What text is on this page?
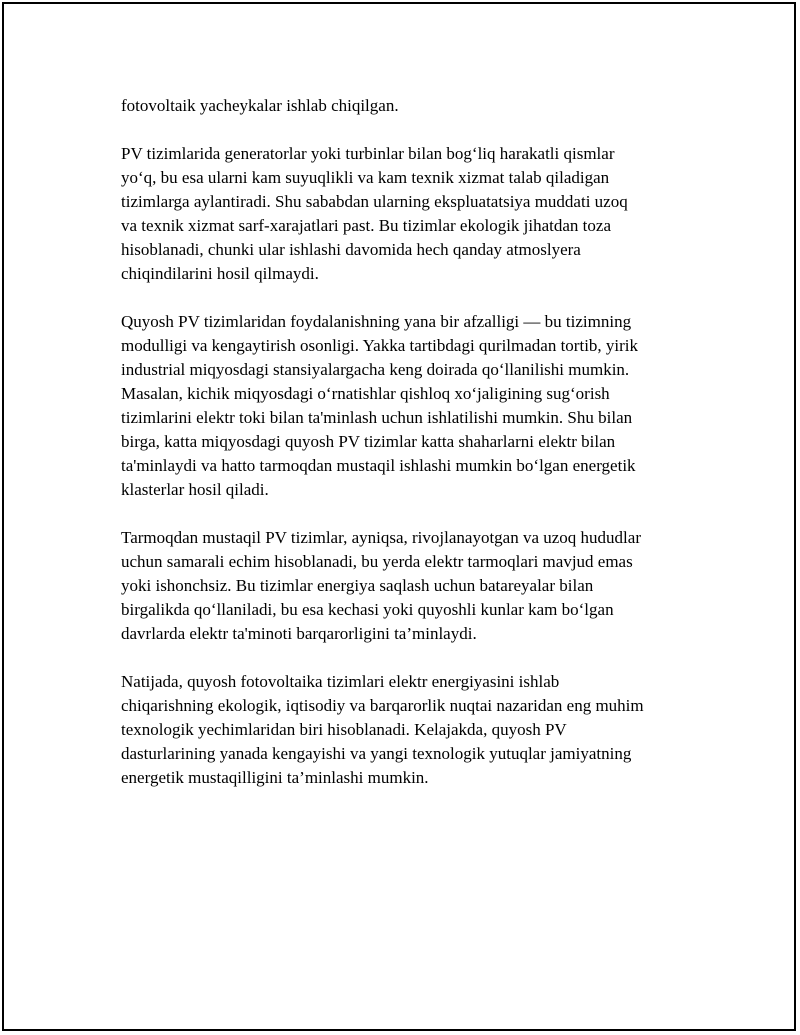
fotovoltaik yacheykalar ishlab chiqilgan.

PV tizimlarida generatorlar yoki turbinlar bilan bog‘liq harakatli qismlar
yo‘q, bu esa ularni kam suyuqlikli va kam texnik xizmat talab qiladigan
tizimlarga aylantiradi. Shu sababdan ularning ekspluatatsiya muddati uzoq
va texnik xizmat sarf-xarajatlari past. Bu tizimlar ekologik jihatdan toza
hisoblanadi, chunki ular ishlashi davomida hech qanday atmoslyera
chiqindilarini hosil qilmaydi.

Quyosh PV tizimlaridan foydalanishning yana bir afzalligi — bu tizimning
modulligi va kengaytirish osonligi. Yakka tartibdagi qurilmadan tortib, yirik
industrial miqyosdagi stansiyalargacha keng doirada qo‘llanilishi mumkin.
Masalan, kichik miqyosdagi o‘rnatishlar qishloq xo‘jaligining sug‘orish
tizimlarini elektr toki bilan ta'minlash uchun ishlatilishi mumkin. Shu bilan
birga, katta miqyosdagi quyosh PV tizimlar katta shaharlarni elektr bilan
ta'minlaydi va hatto tarmoqdan mustaqil ishlashi mumkin bo‘lgan energetik
klasterlar hosil qiladi.

Tarmoqdan mustaqil PV tizimlar, ayniqsa, rivojlanayotgan va uzoq hududlar
uchun samarali echim hisoblanadi, bu yerda elektr tarmoqlari mavjud emas
yoki ishonchsiz. Bu tizimlar energiya saqlash uchun batareyalar bilan
birgalikda qo‘llaniladi, bu esa kechasi yoki quyoshli kunlar kam bo‘lgan
davrlarda elektr ta'minoti barqarorligini ta’minlaydi.

Natijada, quyosh fotovoltaika tizimlari elektr energiyasini ishlab
chiqarishning ekologik, iqtisodiy va barqarorlik nuqtai nazaridan eng muhim
texnologik yechimlaridan biri hisoblanadi. Kelajakda, quyosh PV
dasturlarining yanada kengayishi va yangi texnologik yutuqlar jamiyatning
energetik mustaqilligini ta’minlashi mumkin.
